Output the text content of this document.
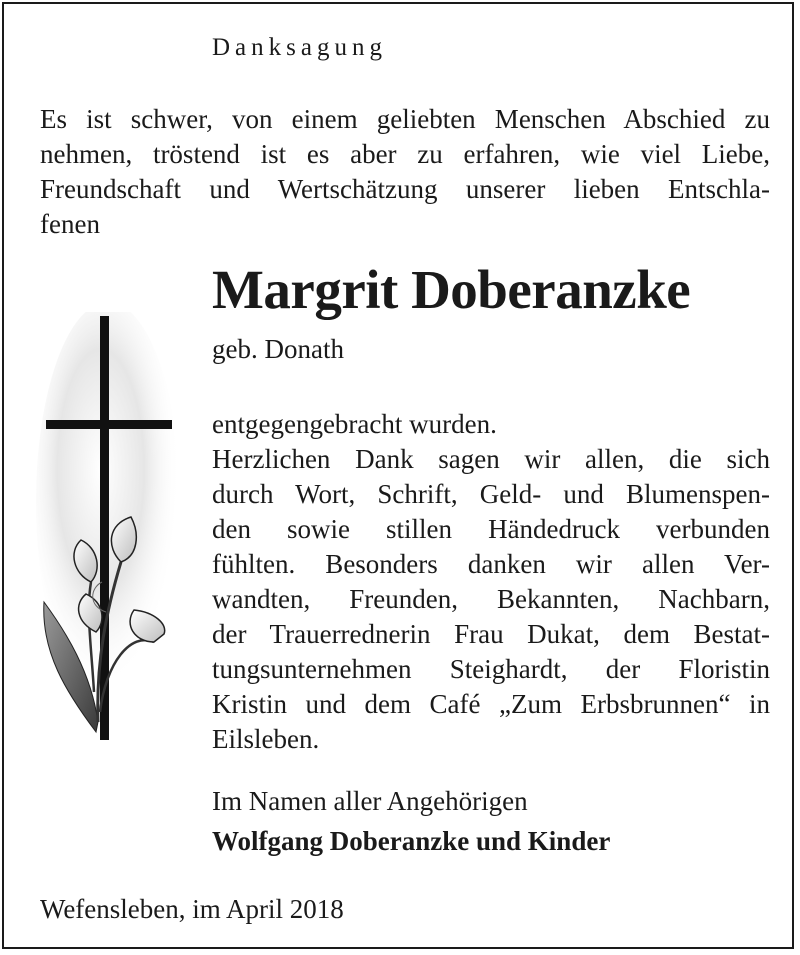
Danksagung
Es ist schwer, von einem geliebten Menschen Abschied zu
nehmen, tröstend ist es aber zu erfahren, wie viel Liebe,
Freundschaft und Wertschätzung unserer lieben Entschla-
fenen
Margrit Doberanzke
geb. Donath
entgegengebracht wurden.
Herzlichen Dank sagen wir allen, die sich
durch Wort, Schrift, Geld- und Blumenspen-
den sowie stillen Händedruck verbunden
fühlten. Besonders danken wir allen Ver-
wandten, Freunden, Bekannten, Nachbarn,
der Trauerrednerin Frau Dukat, dem Bestat-
tungsunternehmen Steighardt, der Floristin
Kristin und dem Café „Zum Erbsbrunnen“ in
Eilsleben.
Im Namen aller Angehörigen
Wolfgang Doberanzke und Kinder
Wefensleben, im April 2018
